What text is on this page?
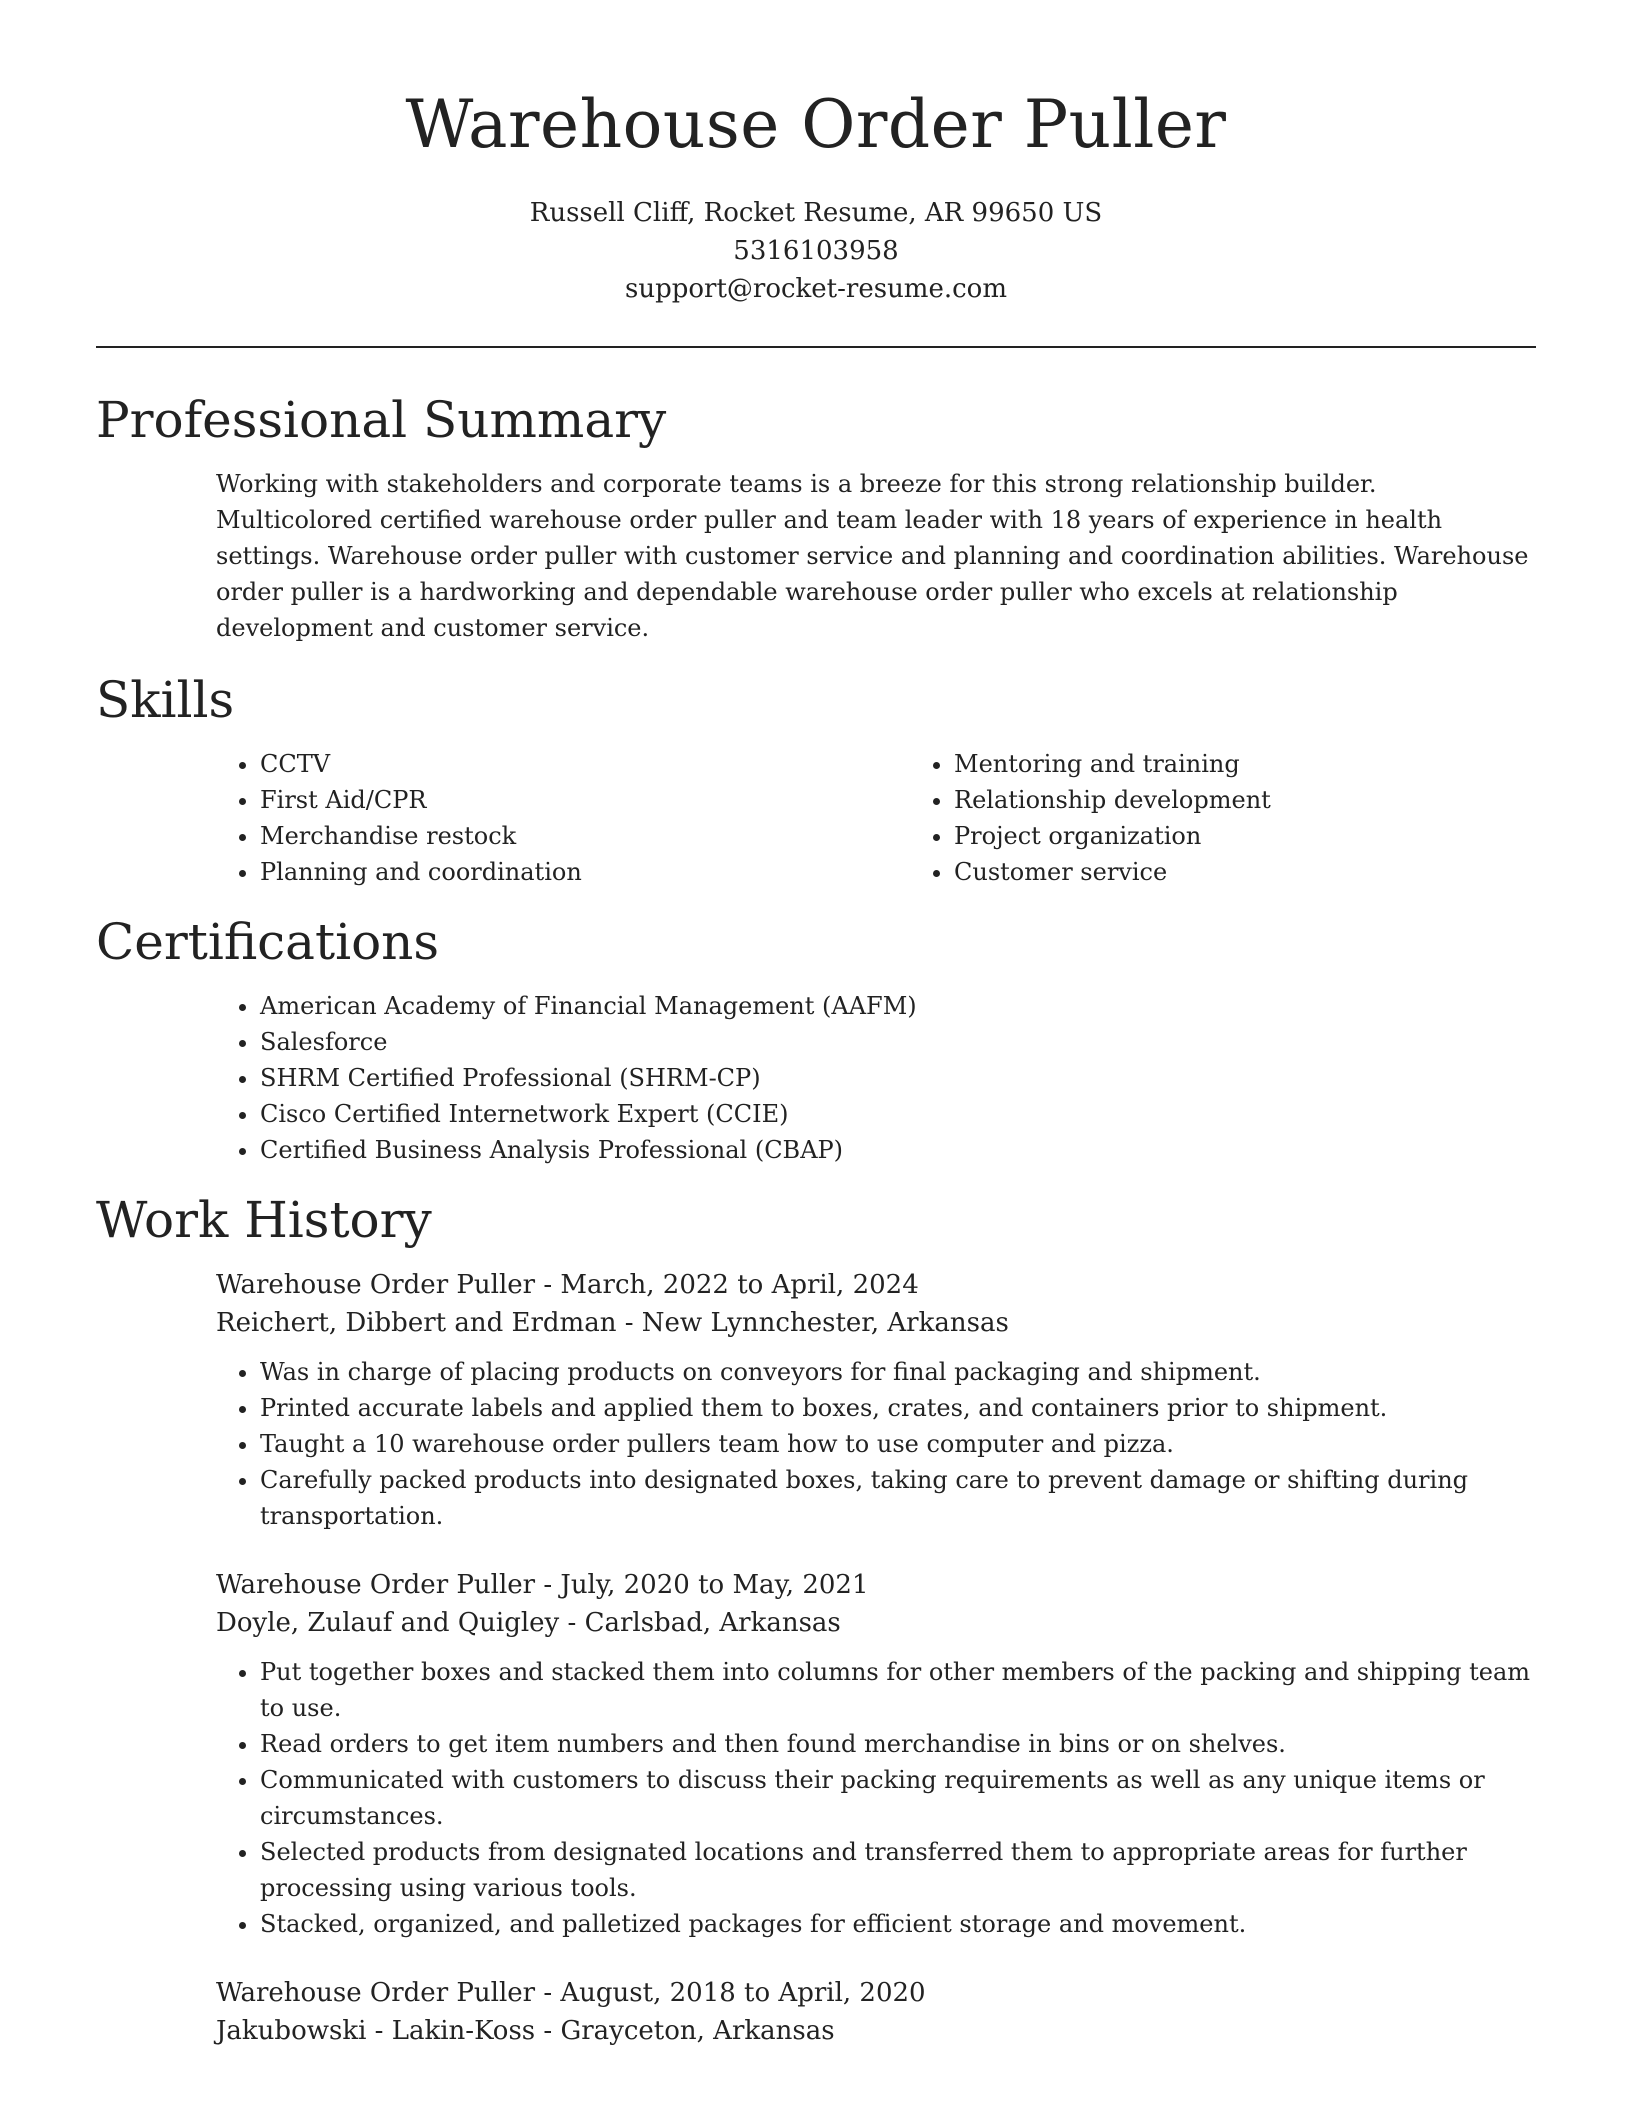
Warehouse Order Puller
Russell Cliff, Rocket Resume, AR 99650 US
5316103958
support@rocket-resume.com
Professional Summary

Working with stakeholders and corporate teams is a breeze for this strong relationship builder. Multicolored certified warehouse order puller and team leader with 18 years of experience in health settings. Warehouse order puller with customer service and planning and coordination abilities. Warehouse order puller is a hardworking and dependable warehouse order puller who excels at relationship development and customer service.

Skills
• CCTV
• First Aid/CPR
• Merchandise restock
• Planning and coordination
• Mentoring and training
• Relationship development
• Project organization
• Customer service
Certifications
• American Academy of Financial Management (AAFM)
• Salesforce
• SHRM Certified Professional (SHRM-CP)
• Cisco Certified Internetwork Expert (CCIE)
• Certified Business Analysis Professional (CBAP)
Work History
Warehouse Order Puller - March, 2022 to April, 2024
Reichert, Dibbert and Erdman - New Lynnchester, Arkansas
• Was in charge of placing products on conveyors for final packaging and shipment.
• Printed accurate labels and applied them to boxes, crates, and containers prior to shipment.
• Taught a 10 warehouse order pullers team how to use computer and pizza.
• Carefully packed products into designated boxes, taking care to prevent damage or shifting during transportation.
Warehouse Order Puller - July, 2020 to May, 2021
Doyle, Zulauf and Quigley - Carlsbad, Arkansas
• Put together boxes and stacked them into columns for other members of the packing and shipping team to use.
• Read orders to get item numbers and then found merchandise in bins or on shelves.
• Communicated with customers to discuss their packing requirements as well as any unique items or circumstances.
• Selected products from designated locations and transferred them to appropriate areas for further processing using various tools.
• Stacked, organized, and palletized packages for efficient storage and movement.
Warehouse Order Puller - August, 2018 to April, 2020
Jakubowski - Lakin-Koss - Grayceton, Arkansas
